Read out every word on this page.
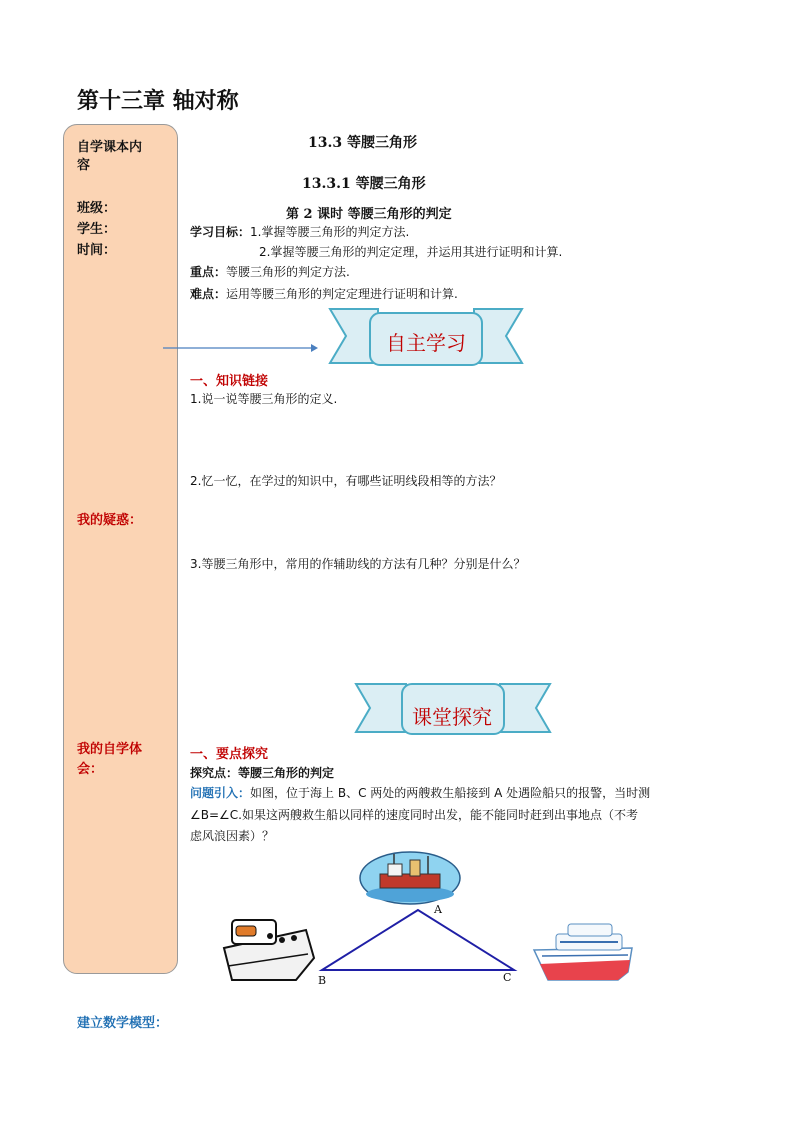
第十三章 轴对称
自学课本内
容
班级：
学生：
时间：
我的疑惑：
我的自学体
会：
13.3 等腰三角形
13.3.1 等腰三角形
第 2 课时 等腰三角形的判定
学习目标：1.掌握等腰三角形的判定方法.
2.掌握等腰三角形的判定定理，并运用其进行证明和计算.
重点：等腰三角形的判定方法.
难点：运用等腰三角形的判定定理进行证明和计算.
自主学习
一、知识链接
1.说一说等腰三角形的定义.
2.忆一忆，在学过的知识中，有哪些证明线段相等的方法？
3.等腰三角形中，常用的作辅助线的方法有几种？分别是什么？
课堂探究
一、要点探究
探究点：等腰三角形的判定
问题引入：如图，位于海上 B、C 两处的两艘救生船接到 A 处遇险船只的报警，当时测
∠B=∠C.如果这两艘救生船以同样的速度同时出发，能不能同时赶到出事地点（不考
虑风浪因素）？
A
B	C
建立数学模型：
